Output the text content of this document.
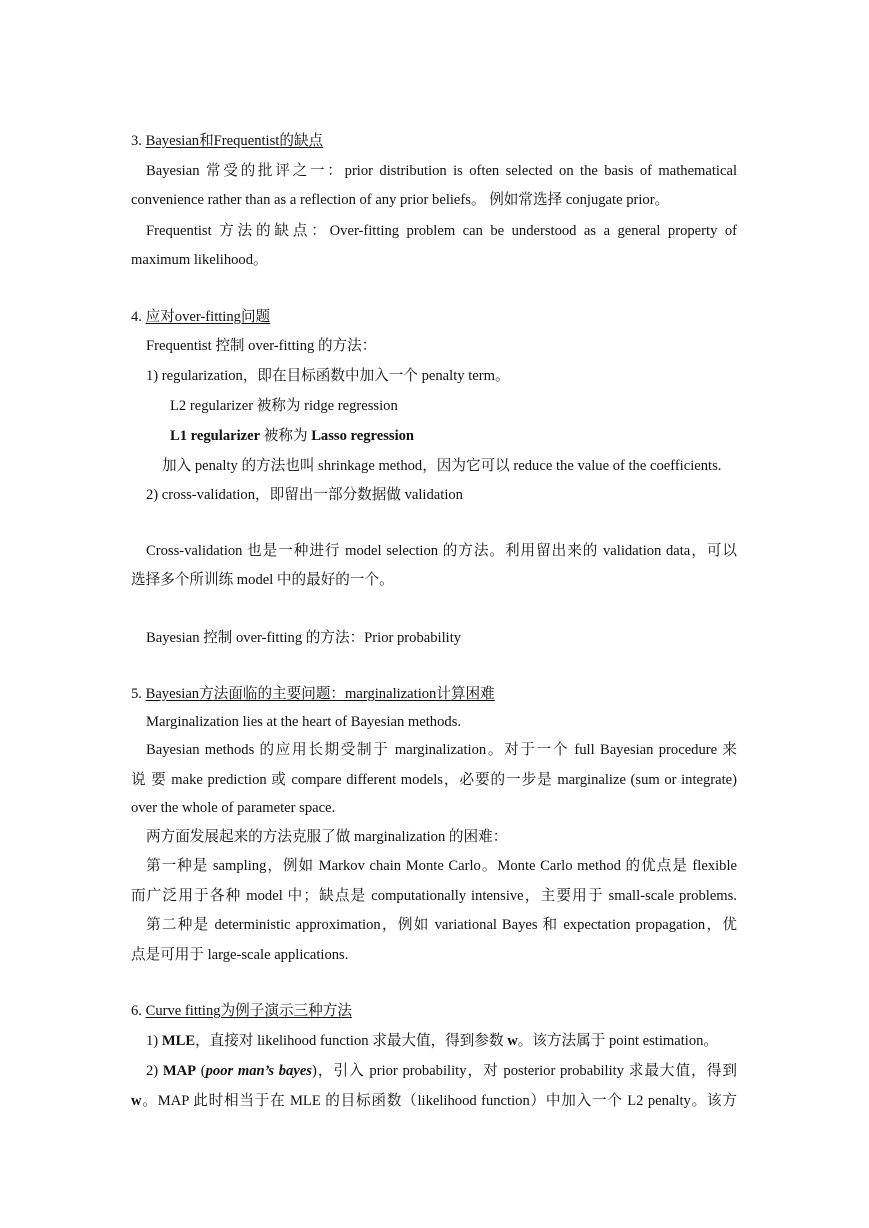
3. Bayesian和Frequentist的缺点
Bayesian 常受的批评之一：prior distribution is often selected on the basis of mathematical
convenience rather than as a reflection of any prior beliefs。 例如常选择 conjugate prior。
Frequentist 方法的缺点：Over-fitting problem can be understood as a general property of
maximum likelihood。
4. 应对over-fitting问题
Frequentist 控制 over-fitting 的方法：
1) regularization，即在目标函数中加入一个 penalty term。
L2 regularizer 被称为 ridge regression
L1 regularizer 被称为 Lasso regression
加入 penalty 的方法也叫 shrinkage method，因为它可以 reduce the value of the coefficients.
2) cross-validation，即留出一部分数据做 validation
Cross-validation 也是一种进行 model selection 的方法。利用留出来的 validation data，可以
选择多个所训练 model 中的最好的一个。
Bayesian 控制 over-fitting 的方法：Prior probability
5. Bayesian方法面临的主要问题：marginalization计算困难
Marginalization lies at the heart of Bayesian methods.
Bayesian methods 的应用长期受制于 marginalization。对于一个 full Bayesian procedure 来
说 要 make prediction 或 compare different models，必要的一步是 marginalize (sum or integrate)
over the whole of parameter space.
两方面发展起来的方法克服了做 marginalization 的困难：
第一种是 sampling，例如 Markov chain Monte Carlo。Monte Carlo method 的优点是 flexible
而广泛用于各种 model 中；缺点是 computationally intensive，主要用于 small-scale problems.
第二种是 deterministic approximation，例如 variational Bayes 和 expectation propagation，优
点是可用于 large-scale applications.
6. Curve fitting为例子演示三种方法
1) MLE，直接对 likelihood function 求最大值，得到参数 w。该方法属于 point estimation。
2) MAP (poor man’s bayes)，引入 prior probability，对 posterior probability 求最大值，得到
w。MAP 此时相当于在 MLE 的目标函数（likelihood function）中加入一个 L2 penalty。该方
